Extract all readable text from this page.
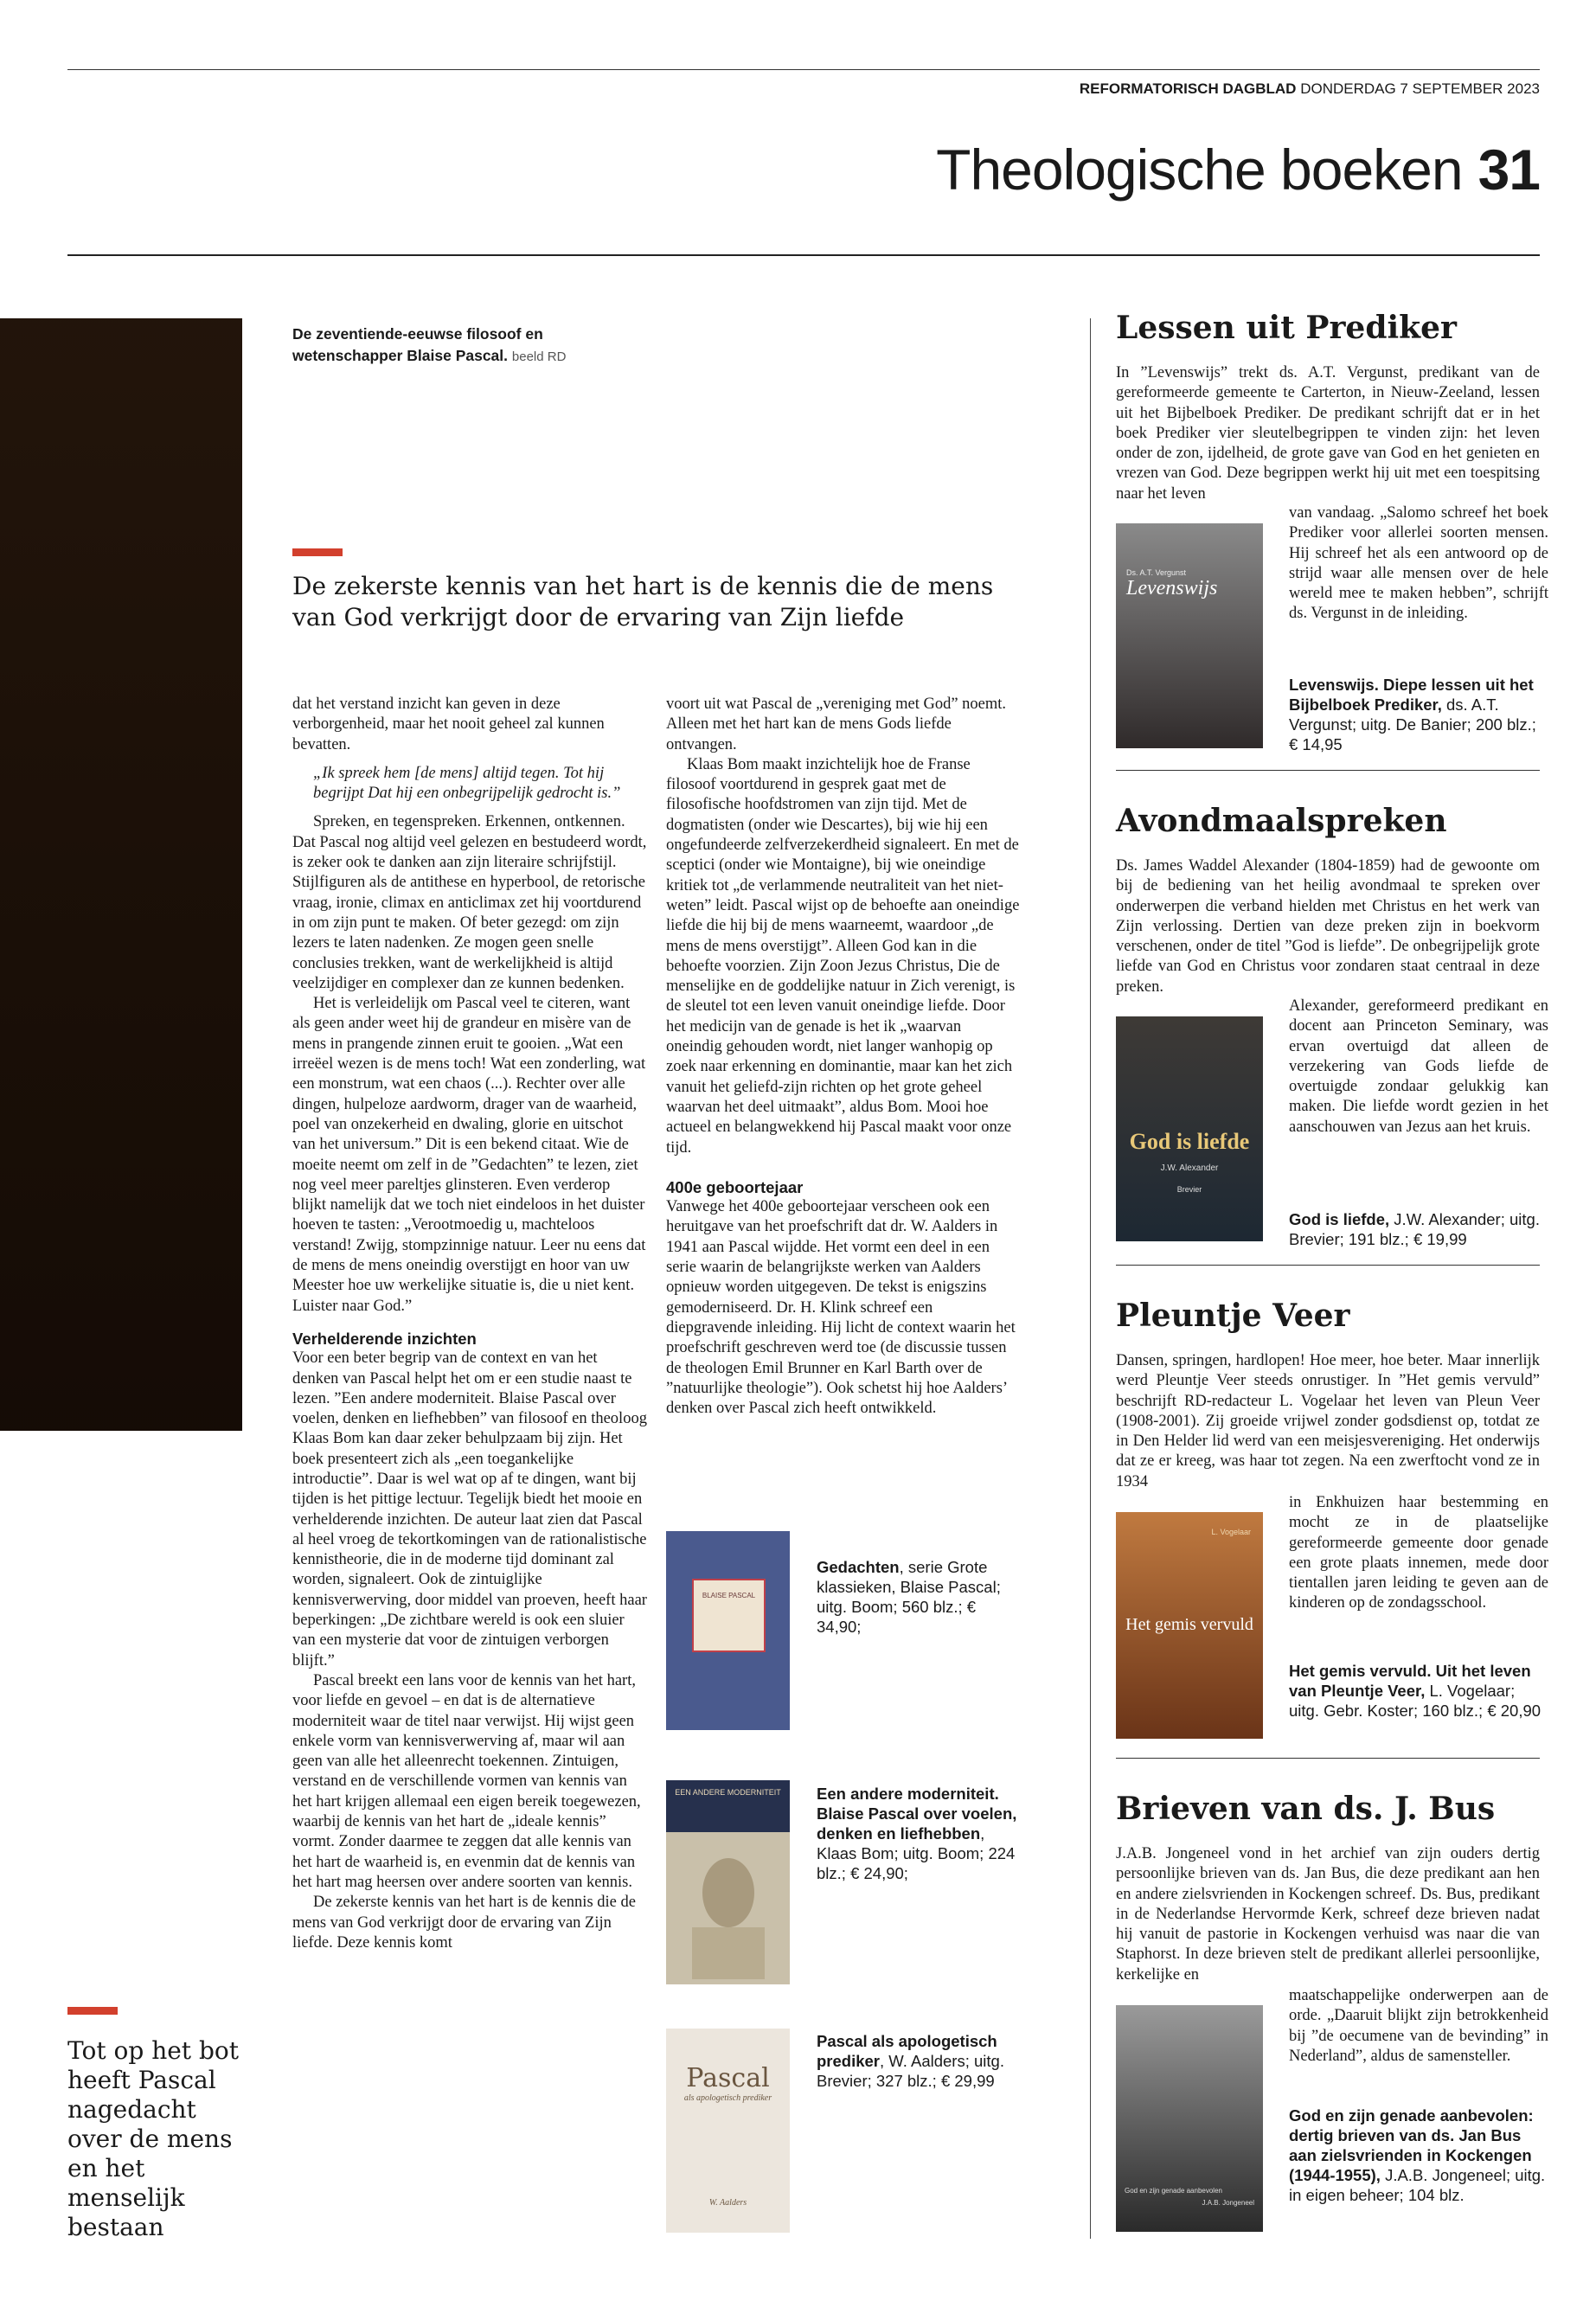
REFORMATORISCH DAGBLAD DONDERDAG 7 SEPTEMBER 2023
Theologische boeken 31
De zeventiende-eeuwse filosoof en wetenschapper Blaise Pascal. beeld RD
De zekerste kennis van het hart is de kennis die de mens van God verkrijgt door de ervaring van Zijn liefde

dat het verstand inzicht kan geven in deze verborgenheid, maar het nooit geheel zal kunnen bevatten.

„Ik spreek hem [de mens] altijd tegen. Tot hij begrijpt Dat hij een onbegrijpelijk gedrocht is.”

Spreken, en tegenspreken. Erkennen, ontkennen. Dat Pascal nog altijd veel gelezen en bestudeerd wordt, is zeker ook te danken aan zijn literaire schrijfstijl. Stijlfiguren als de antithese en hyperbool, de retorische vraag, ironie, climax en anticlimax zet hij voortdurend in om zijn punt te maken. Of beter gezegd: om zijn lezers te laten nadenken. Ze mogen geen snelle conclusies trekken, want de werkelijkheid is altijd veelzijdiger en complexer dan ze kunnen bedenken.

Het is verleidelijk om Pascal veel te citeren, want als geen ander weet hij de grandeur en misère van de mens in prangende zinnen eruit te gooien. „Wat een irreëel wezen is de mens toch! Wat een zonderling, wat een monstrum, wat een chaos (...). Rechter over alle dingen, hulpeloze aardworm, drager van de waarheid, poel van onzekerheid en dwaling, glorie en uitschot van het universum.” Dit is een bekend citaat. Wie de moeite neemt om zelf in de ”Gedachten” te lezen, ziet nog veel meer pareltjes glinsteren. Even verderop blijkt namelijk dat we toch niet eindeloos in het duister hoeven te tasten: „Verootmoedig u, machteloos verstand! Zwijg, stompzinnige natuur. Leer nu eens dat de mens de mens oneindig overstijgt en hoor van uw Meester hoe uw werkelijke situatie is, die u niet kent. Luister naar God.”

Verhelderende inzichten

Voor een beter begrip van de context en van het denken van Pascal helpt het om er een studie naast te lezen. ”Een andere moderniteit. Blaise Pascal over voelen, denken en liefhebben” van filosoof en theoloog Klaas Bom kan daar zeker behulpzaam bij zijn. Het boek presenteert zich als „een toegankelijke introductie”. Daar is wel wat op af te dingen, want bij tijden is het pittige lectuur. Tegelijk biedt het mooie en verhelderende inzichten. De auteur laat zien dat Pascal al heel vroeg de tekortkomingen van de rationalistische kennistheorie, die in de moderne tijd dominant zal worden, signaleert. Ook de zintuiglijke kennisverwerving, door middel van proeven, heeft haar beperkingen: „De zichtbare wereld is ook een sluier van een mysterie dat voor de zintuigen verborgen blijft.”

Pascal breekt een lans voor de kennis van het hart, voor liefde en gevoel – en dat is de alternatieve moderniteit waar de titel naar verwijst. Hij wijst geen enkele vorm van kennisverwerving af, maar wil aan geen van alle het alleenrecht toekennen. Zintuigen, verstand en de verschillende vormen van kennis van het hart krijgen allemaal een eigen bereik toegewezen, waarbij de kennis van het hart de „ideale kennis” vormt. Zonder daarmee te zeggen dat alle kennis van het hart de waarheid is, en evenmin dat de kennis van het hart mag heersen over andere soorten van kennis.

De zekerste kennis van het hart is de kennis die de mens van God verkrijgt door de ervaring van Zijn liefde. Deze kennis komt

voort uit wat Pascal de „vereniging met God” noemt. Alleen met het hart kan de mens Gods liefde ontvangen.

Klaas Bom maakt inzichtelijk hoe de Franse filosoof voortdurend in gesprek gaat met de filosofische hoofdstromen van zijn tijd. Met de dogmatisten (onder wie Descartes), bij wie hij een ongefundeerde zelfverzekerdheid signaleert. En met de sceptici (onder wie Montaigne), bij wie oneindige kritiek tot „de verlammende neutraliteit van het niet-weten” leidt. Pascal wijst op de behoefte aan oneindige liefde die hij bij de mens waarneemt, waardoor „de mens de mens overstijgt”. Alleen God kan in die behoefte voorzien. Zijn Zoon Jezus Christus, Die de menselijke en de goddelijke natuur in Zich verenigt, is de sleutel tot een leven vanuit oneindige liefde. Door het medicijn van de genade is het ik „waarvan oneindig gehouden wordt, niet langer wanhopig op zoek naar erkenning en dominantie, maar kan het zich vanuit het geliefd-zijn richten op het grote geheel waarvan het deel uitmaakt”, aldus Bom. Mooi hoe actueel en belangwekkend hij Pascal maakt voor onze tijd.

400e geboortejaar

Vanwege het 400e geboortejaar verscheen ook een heruitgave van het proefschrift dat dr. W. Aalders in 1941 aan Pascal wijdde. Het vormt een deel in een serie waarin de belangrijkste werken van Aalders opnieuw worden uitgegeven. De tekst is enigszins gemoderniseerd. Dr. H. Klink schreef een diepgravende inleiding. Hij licht de context waarin het proefschrift geschreven werd toe (de discussie tussen de theologen Emil Brunner en Karl Barth over de ”natuurlijke theologie”). Ook schetst hij hoe Aalders’ denken over Pascal zich heeft ontwikkeld.

BLAISE PASCAL
Gedachten, serie Grote klassieken, Blaise Pascal; uitg. Boom; 560 blz.; € 34,90;
EEN ANDERE MODERNITEIT	Een andere moderniteit. Blaise Pascal over voelen, denken en liefhebben, Klaas Bom; uitg. Boom; 224 blz.; € 24,90;
Pascal
als apologetisch prediker
W. Aalders
Pascal als apologetisch prediker, W. Aalders; uitg. Brevier; 327 blz.; € 29,99
Tot op het bot heeft Pascal nagedacht over de mens en het menselijk bestaan
Lessen uit Prediker
In ”Levenswijs” trekt ds. A.T. Vergunst, predikant van de gereformeerde gemeente te Carterton, in Nieuw-Zeeland, lessen uit het Bijbelboek Prediker. De predikant schrijft dat er in het boek Prediker vier sleutelbegrippen te vinden zijn: het leven onder de zon, ijdelheid, de grote gave van God en het genieten en vrezen van God. Deze begrippen werkt hij uit met een toespitsing naar het leven
Ds. A.T. Vergunst
Levenswijs
van vandaag. „Salomo schreef het boek Prediker voor allerlei soorten mensen. Hij schreef het als een antwoord op de strijd waar alle mensen over de hele wereld mee te maken hebben”, schrijft ds. Vergunst in de inleiding.
Levenswijs. Diepe lessen uit het Bijbelboek Prediker, ds. A.T. Vergunst; uitg. De Banier; 200 blz.; € 14,95
Avondmaalspreken
Ds. James Waddel Alexander (1804-1859) had de gewoonte om bij de bediening van het heilig avondmaal te spreken over onderwerpen die verband hielden met Christus en het werk van Zijn verlossing. Dertien van deze preken zijn in boekvorm verschenen, onder de titel ”God is liefde”. De onbegrijpelijk grote liefde van God en Christus voor zondaren staat centraal in deze preken.
God is liefde
J.W. Alexander
Brevier
Alexander, gereformeerd predikant en docent aan Princeton Seminary, was ervan overtuigd dat alleen de verzekering van Gods liefde de overtuigde zondaar gelukkig kan maken. Die liefde wordt gezien in het aanschouwen van Jezus aan het kruis.
God is liefde, J.W. Alexander; uitg. Brevier; 191 blz.; € 19,99
Pleuntje Veer
Dansen, springen, hardlopen! Hoe meer, hoe beter. Maar innerlijk werd Pleuntje Veer steeds onrustiger. In ”Het gemis vervuld” beschrijft RD-redacteur L. Vogelaar het leven van Pleun Veer (1908-2001). Zij groeide vrijwel zonder godsdienst op, totdat ze in Den Helder lid werd van een meisjesvereniging. Het onderwijs dat ze er kreeg, was haar tot zegen. Na een zwerftocht vond ze in 1934
L. Vogelaar
Het gemis vervuld
in Enkhuizen haar bestemming en mocht ze in de plaatselijke gereformeerde gemeente door genade een grote plaats innemen, mede door tientallen jaren leiding te geven aan de kinderen op de zondagsschool.
Het gemis vervuld. Uit het leven van Pleuntje Veer, L. Vogelaar; uitg. Gebr. Koster; 160 blz.; € 20,90
Brieven van ds. J. Bus
J.A.B. Jongeneel vond in het archief van zijn ouders dertig persoonlijke brieven van ds. Jan Bus, die deze predikant aan hen en andere zielsvrienden in Kockengen schreef. Ds. Bus, predikant in de Nederlandse Hervormde Kerk, schreef deze brieven nadat hij vanuit de pastorie in Kockengen verhuisd was naar die van Staphorst. In deze brieven stelt de predikant allerlei persoonlijke, kerkelijke en
God en zijn genade aanbevolen
J.A.B. Jongeneel
maatschappelijke onderwerpen aan de orde. „Daaruit blijkt zijn betrokkenheid bij ”de oecumene van de bevinding” in Nederland”, aldus de samensteller.
God en zijn genade aanbevolen: dertig brieven van ds. Jan Bus aan zielsvrienden in Kockengen (1944-1955), J.A.B. Jongeneel; uitg. in eigen beheer; 104 blz.
